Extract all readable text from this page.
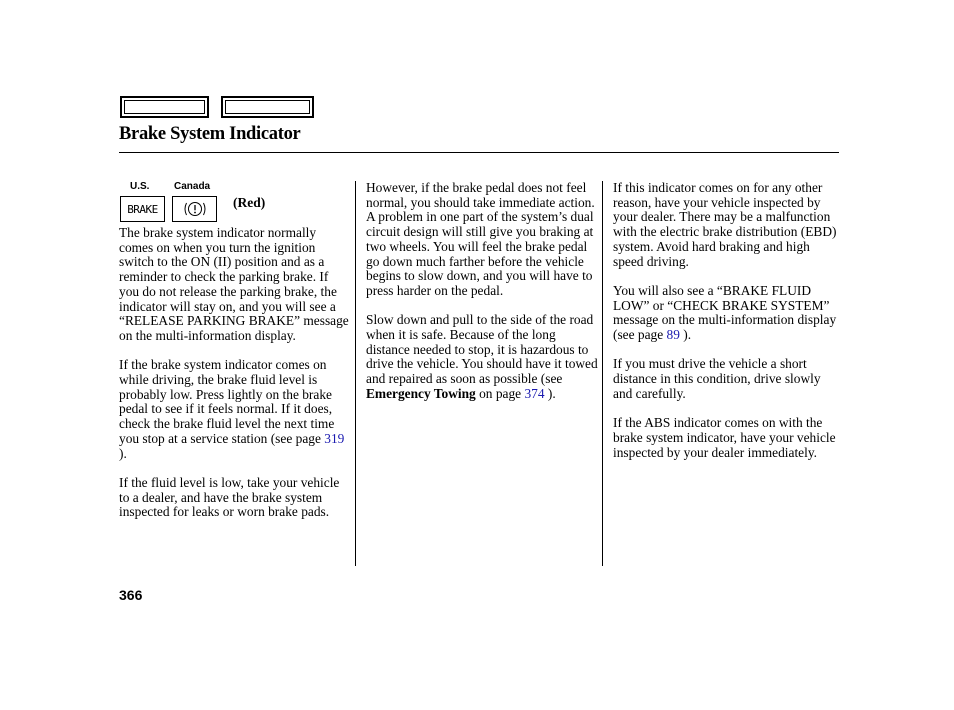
Brake System Indicator
U.S. Canada
BRAKE	(Red)

The brake system indicator normally comes on when you turn the ignition switch to the ON (II) position and as a reminder to check the parking brake. If you do not release the parking brake, the indicator will stay on, and you will see a “RELEASE PARKING BRAKE” message on the multi-information display.

If the brake system indicator comes on while driving, the brake fluid level is probably low. Press lightly on the brake pedal to see if it feels normal. If it does, check the brake fluid level the next time you stop at a service station (see page 319 ).

If the fluid level is low, take your vehicle to a dealer, and have the brake system inspected for leaks or worn brake pads.

However, if the brake pedal does not feel normal, you should take immediate action. A problem in one part of the system’s dual circuit design will still give you braking at two wheels. You will feel the brake pedal go down much farther before the vehicle begins to slow down, and you will have to press harder on the pedal.

Slow down and pull to the side of the road when it is safe. Because of the long distance needed to stop, it is hazardous to drive the vehicle. You should have it towed and repaired as soon as possible (see Emergency Towing on page 374 ).

If this indicator comes on for any other reason, have your vehicle inspected by your dealer. There may be a malfunction with the electric brake distribution (EBD) system. Avoid hard braking and high speed driving.

You will also see a “BRAKE FLUID LOW” or “CHECK BRAKE SYSTEM” message on the multi-information display (see page 89 ).

If you must drive the vehicle a short distance in this condition, drive slowly and carefully.

If the ABS indicator comes on with the brake system indicator, have your vehicle inspected by your dealer immediately.

366
